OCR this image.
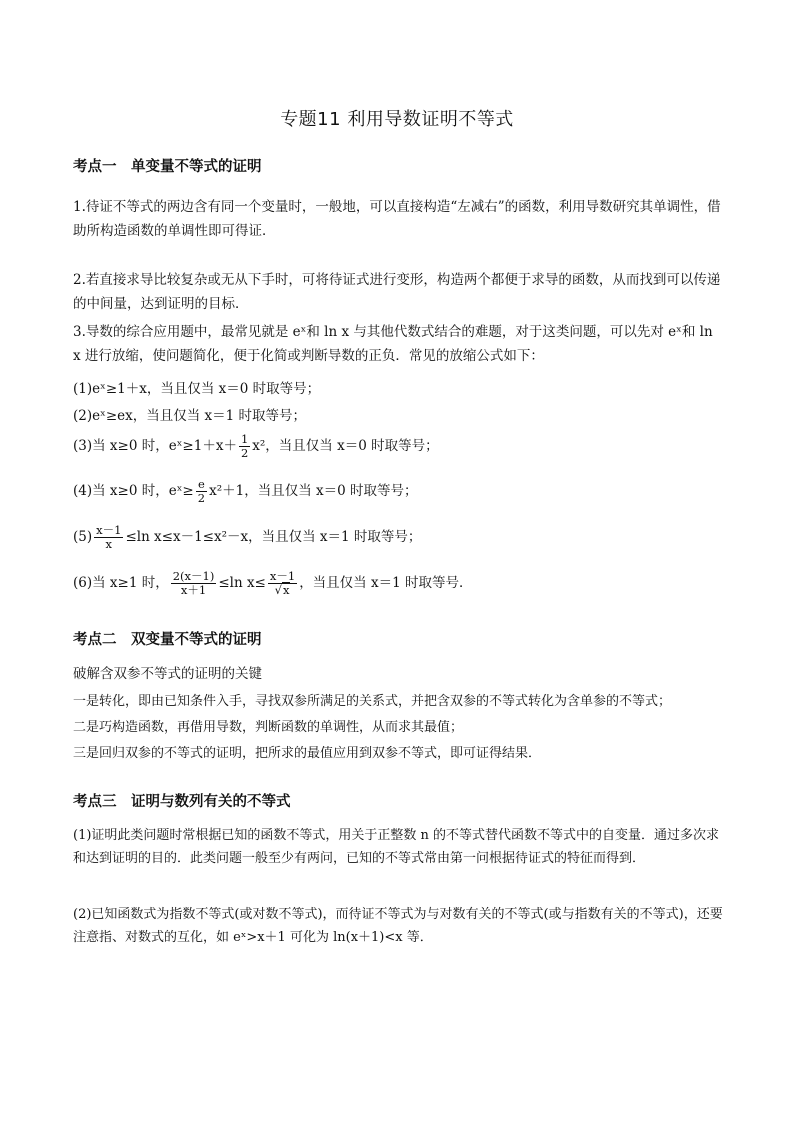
专题11 利用导数证明不等式
考点一　单变量不等式的证明
1.待证不等式的两边含有同一个变量时，一般地，可以直接构造“左减右”的函数，利用导数研究其单调性，借助所构造函数的单调性即可得证．
2.若直接求导比较复杂或无从下手时，可将待证式进行变形，构造两个都便于求导的函数，从而找到可以传递的中间量，达到证明的目标．
3.导数的综合应用题中，最常见就是 eˣ和 ln x 与其他代数式结合的难题，对于这类问题，可以先对 eˣ和 ln x 进行放缩，使问题简化，便于化简或判断导数的正负．常见的放缩公式如下：
(1)eˣ≥1＋x，当且仅当 x＝0 时取等号；
(2)eˣ≥ex，当且仅当 x＝1 时取等号；
(3)当 x≥0 时，eˣ≥1＋x＋ $\frac{1}{2} x^2$，当且仅当 x＝0 时取等号；
(4)当 x≥0 时，eˣ≥ $\frac{e}{2} x^2+1$，当且仅当 x＝0 时取等号；
$(5) \frac{x-1}{x} \le\ln$ x≤x－1≤x²－x，当且仅当 x＝1 时取等号；
(6)当 x≥1 时， $\frac{2(x-1)}{x+1} \le\ln$ $x\le \frac{x-1}{√x}$ ，当且仅当 x＝1 时取等号．
考点二　双变量不等式的证明
破解含双参不等式的证明的关键
一是转化，即由已知条件入手，寻找双参所满足的关系式，并把含双参的不等式转化为含单参的不等式；
二是巧构造函数，再借用导数，判断函数的单调性，从而求其最值；
三是回归双参的不等式的证明，把所求的最值应用到双参不等式，即可证得结果．
考点三　证明与数列有关的不等式
(1)证明此类问题时常根据已知的函数不等式，用关于正整数 n 的不等式替代函数不等式中的自变量．通过多次求和达到证明的目的．此类问题一般至少有两问，已知的不等式常由第一问根据待证式的特征而得到．
(2)已知函数式为指数不等式(或对数不等式)，而待证不等式为与对数有关的不等式(或与指数有关的不等式)，还要注意指、对数式的互化，如 eˣ>x＋1 可化为 ln(x＋1)<x 等．
